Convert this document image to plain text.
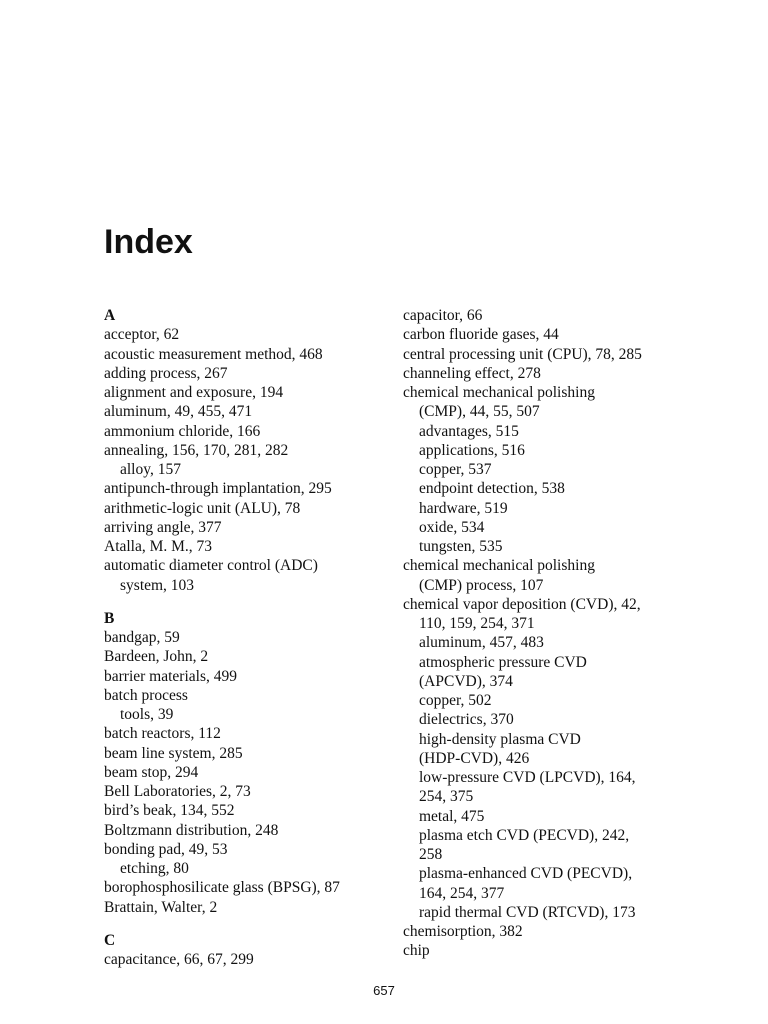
Index
A
acceptor, 62
acoustic measurement method, 468
adding process, 267
alignment and exposure, 194
aluminum, 49, 455, 471
ammonium chloride, 166
annealing, 156, 170, 281, 282
alloy, 157
antipunch-through implantation, 295
arithmetic-logic unit (ALU), 78
arriving angle, 377
Atalla, M. M., 73
automatic diameter control (ADC)
system, 103
B
bandgap, 59
Bardeen, John, 2
barrier materials, 499
batch process
tools, 39
batch reactors, 112
beam line system, 285
beam stop, 294
Bell Laboratories, 2, 73
bird’s beak, 134, 552
Boltzmann distribution, 248
bonding pad, 49, 53
etching, 80
borophosphosilicate glass (BPSG), 87
Brattain, Walter, 2
C
capacitance, 66, 67, 299
capacitor, 66
carbon fluoride gases, 44
central processing unit (CPU), 78, 285
channeling effect, 278
chemical mechanical polishing
(CMP), 44, 55, 507
advantages, 515
applications, 516
copper, 537
endpoint detection, 538
hardware, 519
oxide, 534
tungsten, 535
chemical mechanical polishing
(CMP) process, 107
chemical vapor deposition (CVD), 42,
110, 159, 254, 371
aluminum, 457, 483
atmospheric pressure CVD
(APCVD), 374
copper, 502
dielectrics, 370
high-density plasma CVD
(HDP-CVD), 426
low-pressure CVD (LPCVD), 164,
254, 375
metal, 475
plasma etch CVD (PECVD), 242,
258
plasma-enhanced CVD (PECVD),
164, 254, 377
rapid thermal CVD (RTCVD), 173
chemisorption, 382
chip
657
